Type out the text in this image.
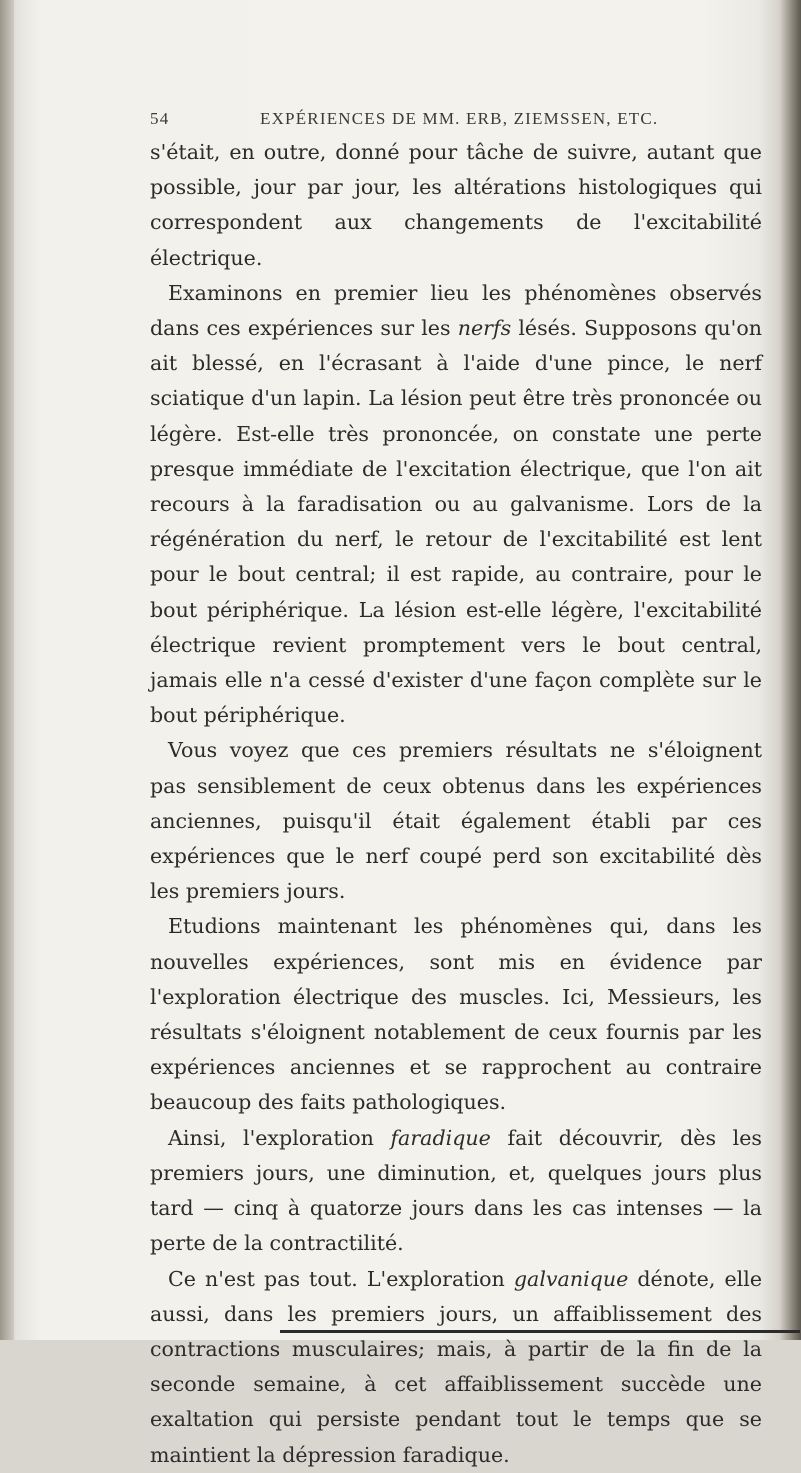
54	EXPÉRIENCES DE MM. ERB, ZIEMSSEN, ETC.

s'était, en outre, donné pour tâche de suivre, autant que possible, jour par jour, les altérations histologiques qui correspondent aux changements de l'excitabilité électrique.

Examinons en premier lieu les phénomènes observés dans ces expériences sur les nerfs lésés. Supposons qu'on ait blessé, en l'écrasant à l'aide d'une pince, le nerf sciatique d'un lapin. La lésion peut être très prononcée ou légère. Est-elle très prononcée, on constate une perte presque immédiate de l'excitation électrique, que l'on ait recours à la faradisation ou au galvanisme. Lors de la régénération du nerf, le retour de l'excitabilité est lent pour le bout central; il est rapide, au contraire, pour le bout périphérique. La lésion est-elle légère, l'excitabilité électrique revient promptement vers le bout central, jamais elle n'a cessé d'exister d'une façon complète sur le bout périphérique.

Vous voyez que ces premiers résultats ne s'éloignent pas sensiblement de ceux obtenus dans les expériences anciennes, puisqu'il était également établi par ces expériences que le nerf coupé perd son excitabilité dès les premiers jours.

Etudions maintenant les phénomènes qui, dans les nouvelles expériences, sont mis en évidence par l'exploration électrique des muscles. Ici, Messieurs, les résultats s'éloignent notablement de ceux fournis par les expériences anciennes et se rapprochent au contraire beaucoup des faits pathologiques.

Ainsi, l'exploration faradique fait découvrir, dès les premiers jours, une diminution, et, quelques jours plus tard — cinq à quatorze jours dans les cas intenses — la perte de la contractilité.

Ce n'est pas tout. L'exploration galvanique dénote, elle aussi, dans les premiers jours, un affaiblissement des contractions musculaires; mais, à partir de la fin de la seconde semaine, à cet affaiblissement succède une exaltation qui persiste pendant tout le temps que se maintient la dépression faradique.
